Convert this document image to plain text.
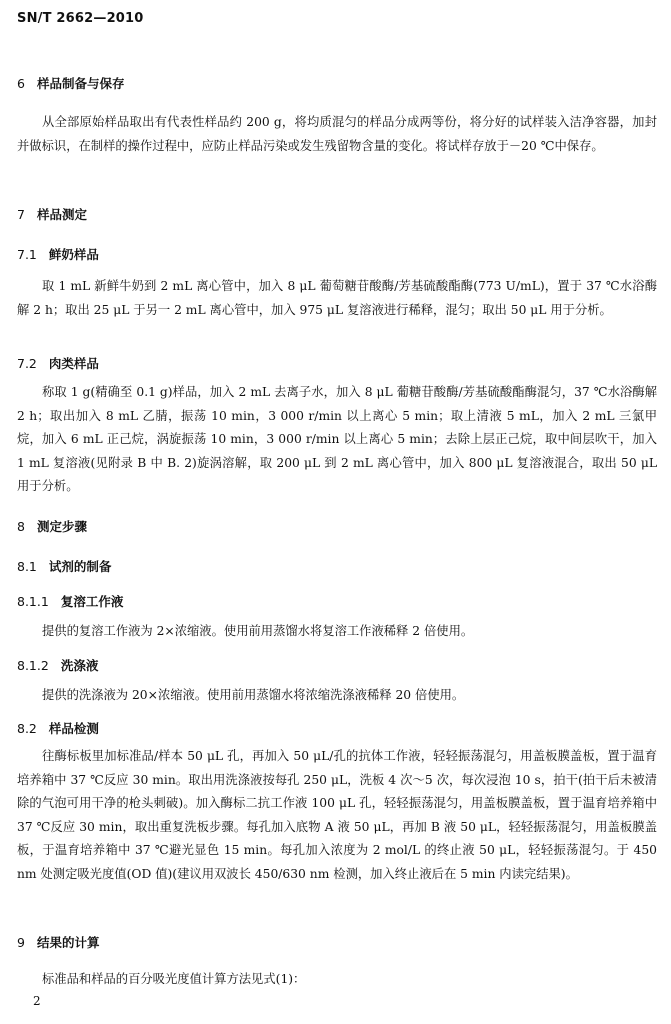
SN/T 2662—2010
6 样品制备与保存
从全部原始样品取出有代表性样品约 200 g，将均质混匀的样品分成两等份，将分好的试样装入洁净容器，加封并做标识，在制样的操作过程中，应防止样品污染或发生残留物含量的变化。将试样存放于－20 ℃中保存。
7 样品测定
7.1 鲜奶样品
取 1 mL 新鲜牛奶到 2 mL 离心管中，加入 8 μL 葡萄糖苷酸酶/芳基硫酸酯酶(773 U/mL)，置于 37 ℃水浴酶解 2 h；取出 25 μL 于另一 2 mL 离心管中，加入 975 μL 复溶液进行稀释，混匀；取出 50 μL 用于分析。
7.2 肉类样品
称取 1 g(精确至 0.1 g)样品，加入 2 mL 去离子水，加入 8 μL 葡糖苷酸酶/芳基硫酸酯酶混匀，37 ℃水浴酶解 2 h；取出加入 8 mL 乙腈，振荡 10 min，3 000 r/min 以上离心 5 min；取上清液 5 mL，加入 2 mL 三氯甲烷，加入 6 mL 正己烷，涡旋振荡 10 min，3 000 r/min 以上离心 5 min；去除上层正己烷，取中间层吹干，加入 1 mL 复溶液(见附录 B 中 B. 2)旋涡溶解，取 200 μL 到 2 mL 离心管中，加入 800 μL 复溶液混合，取出 50 μL 用于分析。
8 测定步骤
8.1 试剂的制备
8.1.1 复溶工作液
提供的复溶工作液为 2×浓缩液。使用前用蒸馏水将复溶工作液稀释 2 倍使用。
8.1.2 洗涤液
提供的洗涤液为 20×浓缩液。使用前用蒸馏水将浓缩洗涤液稀释 20 倍使用。
8.2 样品检测
往酶标板里加标准品/样本 50 μL 孔，再加入 50 μL/孔的抗体工作液，轻轻振荡混匀，用盖板膜盖板，置于温育培养箱中 37 ℃反应 30 min。取出用洗涤液按每孔 250 μL，洗板 4 次～5 次，每次浸泡 10 s，拍干(拍干后未被清除的气泡可用干净的枪头刺破)。加入酶标二抗工作液 100 μL 孔，轻轻振荡混匀，用盖板膜盖板，置于温育培养箱中 37 ℃反应 30 min，取出重复洗板步骤。每孔加入底物 A 液 50 μL，再加 B 液 50 μL，轻轻振荡混匀，用盖板膜盖板，于温育培养箱中 37 ℃避光显色 15 min。每孔加入浓度为 2 mol/L 的终止液 50 μL，轻轻振荡混匀。于 450 nm 处测定吸光度值(OD 值)(建议用双波长 450/630 nm 检测，加入终止液后在 5 min 内读完结果)。
9 结果的计算
标准品和样品的百分吸光度值计算方法见式(1)：
2
